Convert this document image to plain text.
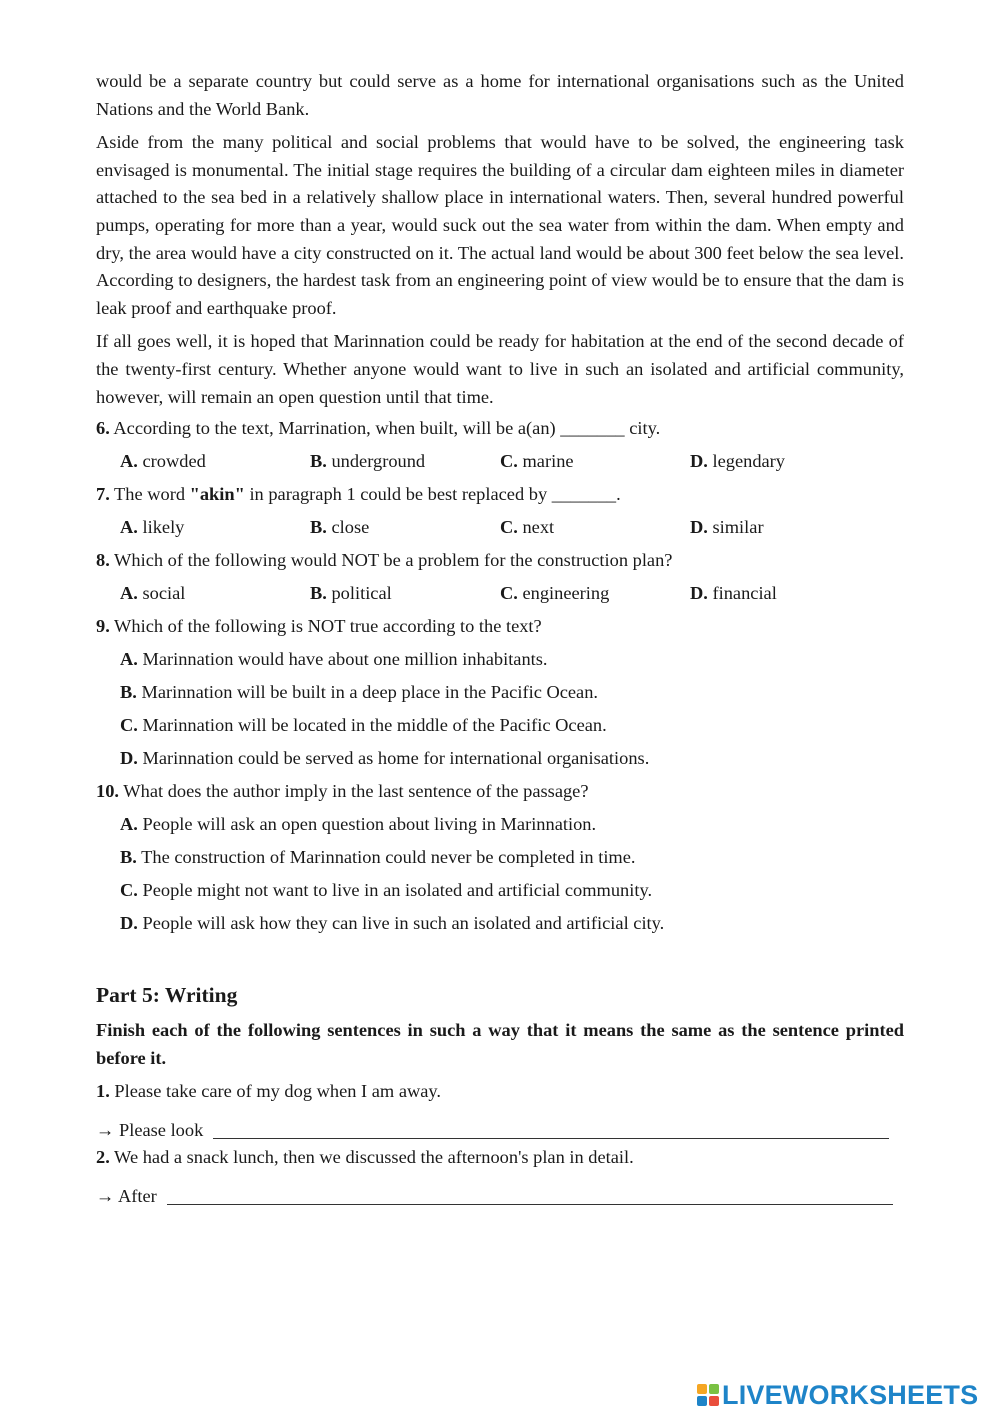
would be a separate country but could serve as a home for international organisations such as the United Nations and the World Bank.

Aside from the many political and social problems that would have to be solved, the engineering task envisaged is monumental. The initial stage requires the building of a circular dam eighteen miles in diameter attached to the sea bed in a relatively shallow place in international waters. Then, several hundred powerful pumps, operating for more than a year, would suck out the sea water from within the dam. When empty and dry, the area would have a city constructed on it. The actual land would be about 300 feet below the sea level. According to designers, the hardest task from an engineering point of view would be to ensure that the dam is leak proof and earthquake proof.

If all goes well, it is hoped that Marinnation could be ready for habitation at the end of the second decade of the twenty-first century. Whether anyone would want to live in such an isolated and artificial community, however, will remain an open question until that time.

6. According to the text, Marrination, when built, will be a(an) _______ city.

A. crowded	B. underground	C. marine	D. legendary

7. The word "akin" in paragraph 1 could be best replaced by _______.

A. likely	B. close	C. next	D. similar

8. Which of the following would NOT be a problem for the construction plan?

A. social	B. political	C. engineering	D. financial

9. Which of the following is NOT true according to the text?

A. Marinnation would have about one million inhabitants.
B. Marinnation will be built in a deep place in the Pacific Ocean.
C. Marinnation will be located in the middle of the Pacific Ocean.
D. Marinnation could be served as home for international organisations.

10. What does the author imply in the last sentence of the passage?

A. People will ask an open question about living in Marinnation.
B. The construction of Marinnation could never be completed in time.
C. People might not want to live in an isolated and artificial community.
D. People will ask how they can live in such an isolated and artificial city.
Part 5: Writing

Finish each of the following sentences in such a way that it means the same as the sentence printed before it.

1. Please take care of my dog when I am away.

→ Please look

2. We had a snack lunch, then we discussed the afternoon's plan in detail.

→ After
LIVEWORKSHEETS
